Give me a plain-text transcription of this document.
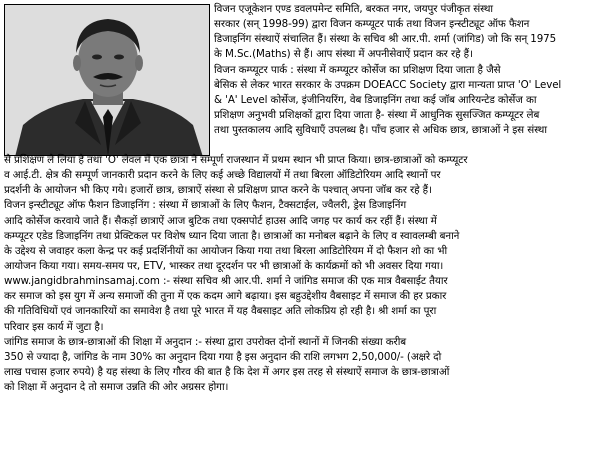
विजन एजूकेशन एण्ड डवलपमेन्ट समिति, बरकत नगर, जयपुर पंजीकृत संस्था
सरकार (सन् 1998-99) द्वारा विजन कम्प्यूटर पार्क तथा विजन इन्स्टीट्यूट ऑफ फैशन
डिजाइनिंग संस्थाऐं संचालित हैं। संस्था के सचिव श्री आर.पी. शर्मा (जांगिड) जो कि सन् 1975
के M.Sc.(Maths) से हैं। आप संस्था में अपनीसेवाऐं प्रदान कर रहे हैं।
विजन कम्प्यूटर पार्क : संस्था में कम्प्यूटर कोर्सेज का प्रशिक्षण दिया जाता है जैसे
बेसिक से लेकर भारत सरकार के उपक्रम DOEACC Society द्वारा मान्यता प्राप्त 'O' Level
& 'A' Level कोर्सेज, इंजीनियरिंग, वेब डिजाइनिंग तथा कई जॉब आरियन्टेड कोर्सेज का
प्रशिक्षण अनुभवी प्रशिक्षकों द्वारा दिया जाता है- संस्था में आधुनिक सुसज्जित कम्प्यूटर लेब
तथा पुस्तकालय आदि सुविधाएँ उपलब्ध है। पाँच हजार से अधिक छात्र, छात्राओं ने इस संस्था
से प्रशिक्षण ले लिया है तथा 'O' लेवल में एक छात्रा ने सम्पूर्ण राजस्थान में प्रथम स्थान भी प्राप्त किया। छात्र-छात्राओं को कम्प्यूटर
व आई.टी. क्षेत्र की सम्पूर्ण जानकारी प्रदान करने के लिए कई अच्छे विद्यालयों में तथा बिरला ऑडिटोरियम आदि स्थानों पर
प्रदर्शनी के आयोजन भी किए गये। हजारों छात्र, छात्राऐं संस्था से प्रशिक्षण प्राप्त करने के पश्चात् अपना जॉब कर रहे हैं।
विजन इन्स्टीट्यूट ऑफ फैशन डिजाइनिंग : संस्था में छात्राओं के लिए फैशन, टैक्सटाईल, ज्वैलरी, ड्रेस डिजाइनिंग
आदि कोर्सेज करवाये जाते हैं। सैकड़ों छात्राऐं आज बुटिक तथा एक्सपोर्ट हाउस आदि जगह पर कार्य कर रहीं हैं। संस्था में
कम्प्यूटर एडेड डिजाइनिंग तथा प्रेक्टिकल पर विशेष ध्यान दिया जाता है। छात्राओं का मनोबल बढ़ाने के लिए व स्वावलम्बी बनाने
के उद्देश्य से जवाहर कला केन्द्र पर कई प्रदर्शिनीयों का आयोजन किया गया तथा बिरला आडिटोरियम में दो फैशन शो का भी
आयोजन किया गया। समय-समय पर, ETV, भास्कर तथा दूरदर्शन पर भी छात्राओं के कार्यक्रमों को भी अवसर दिया गया।
www.jangidbrahminsamaj.com :- संस्था सचिव श्री आर.पी. शर्मा ने जांगिड समाज की एक मात्र वैबसाईट तैयार
कर समाज को इस युग में अन्य समाजों की तुना में एक कदम आगे बढ़ाया। इस बहुउद्देशीय वैबसाइट में समाज की हर प्रकार
की गतिविधियों एवं जानकारियों का समावेश है तथा पूरे भारत में यह वैबसाइट अति लोकप्रिय हो रही है। श्री शर्मा का पूरा
परिवार इस कार्य में जुटा है।
जांगिड समाज के छात्र-छात्राओं की शिक्षा में अनुदान :- संस्था द्वारा उपरोक्त दोनों स्थानों में जिनकी संख्या करीब
350 से ज्यादा है, जांगिड के नाम 30% का अनुदान दिया गया है इस अनुदान की राशि लगभग 2,50,000/- (अक्षरे दो
लाख पचास हजार रुपये) है यह संस्था के लिए गौरव की बात है कि देश में अगर इस तरह से संस्थाऐं समाज के छात्र-छात्राओं
को शिक्षा में अनुदान दे तो समाज उन्नति की ओर अग्रसर होगा।
